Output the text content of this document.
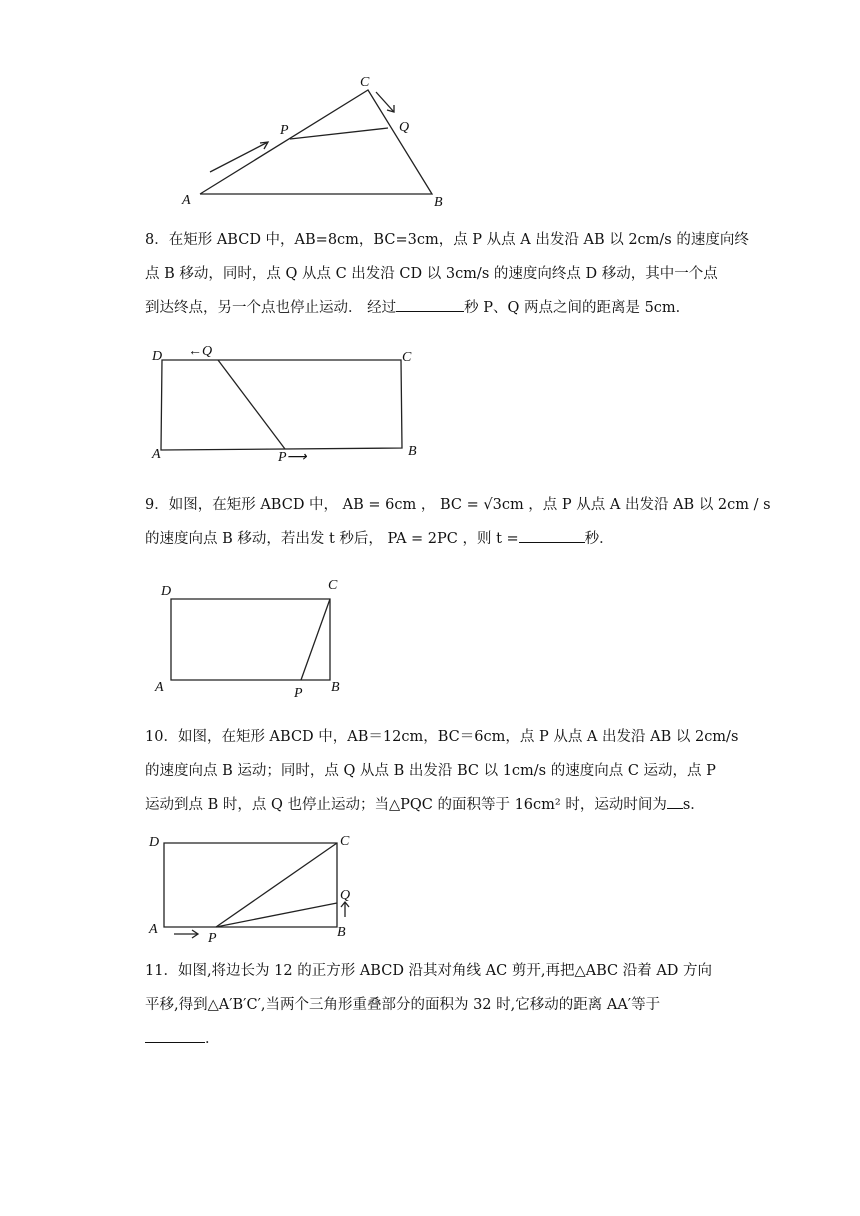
C
P	Q
A	B
8．在矩形 ABCD 中，AB=8cm，BC=3cm，点 P 从点 A 出发沿 AB 以 2cm/s 的速度向终
点 B 移动，同时，点 Q 从点 C 出发沿 CD 以 3cm/s 的速度向终点 D 移动，其中一个点
到达终点，另一个点也停止运动． 经过	秒 P、Q 两点之间的距离是 5cm．
D ←Q	C
A	P⟶	B
9．如图，在矩形 ABCD 中， AB = 6cm ， BC = √3cm ，点 P 从点 A 出发沿 AB 以 2cm / s
的速度向点 B 移动，若出发 t 秒后， PA = 2PC ，则 t =	秒．
D	C
A	P B
10．如图，在矩形 ABCD 中，AB＝12cm，BC＝6cm，点 P 从点 A 出发沿 AB 以 2cm/s
的速度向点 B 运动；同时，点 Q 从点 B 出发沿 BC 以 1cm/s 的速度向点 C 运动，点 P
运动到点 B 时，点 Q 也停止运动；当△PQC 的面积等于 16cm² 时，运动时间为 s．
D	C
Q
A
P	B
11．如图,将边长为 12 的正方形 ABCD 沿其对角线 AC 剪开,再把△ABC 沿着 AD 方向
平移,得到△A′B′C′,当两个三角形重叠部分的面积为 32 时,它移动的距离 AA′等于
．
